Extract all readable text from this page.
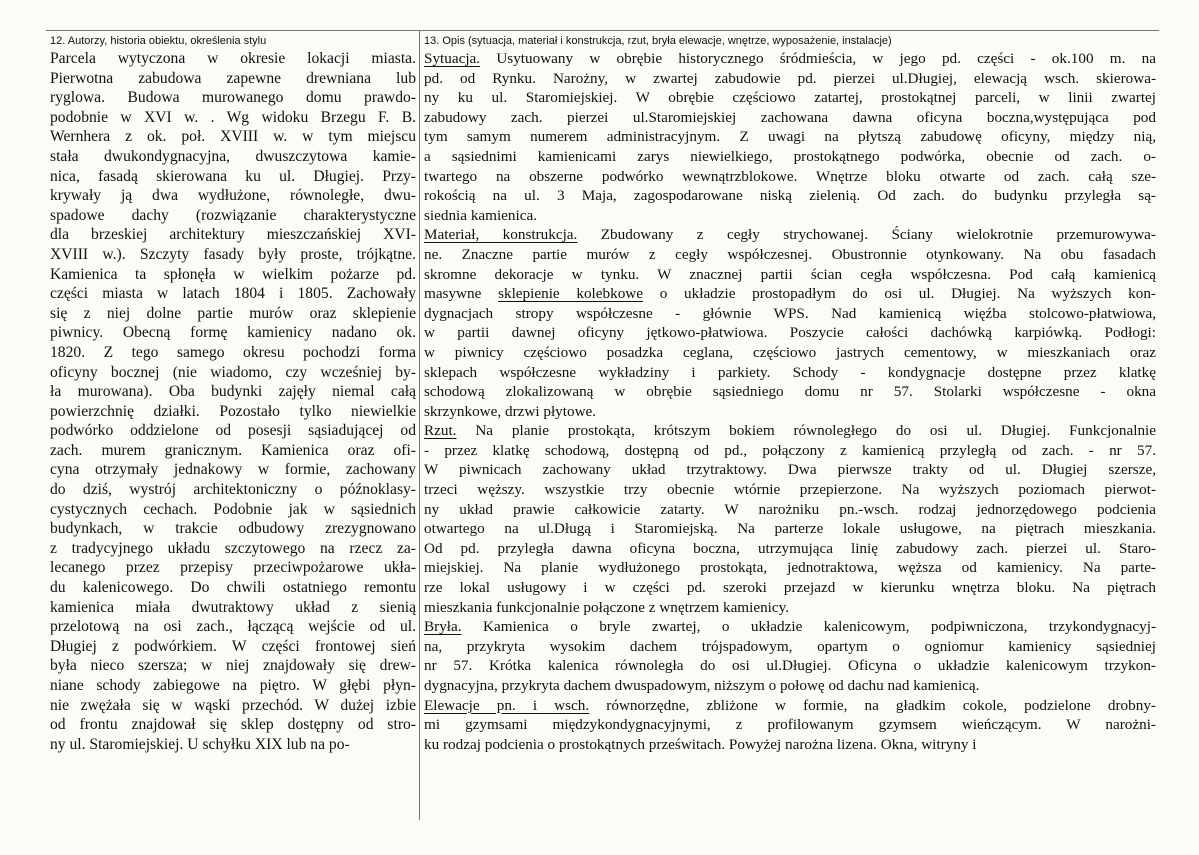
12. Autorzy, historia obiektu, określenia stylu
Parcela wytyczona w okresie lokacji miasta.
Pierwotna zabudowa zapewne drewniana lub
ryglowa. Budowa murowanego domu prawdo-
podobnie w XVI w. . Wg widoku Brzegu F. B.
Wernhera z ok. poł. XVIII w. w tym miejscu
stała dwukondygnacyjna, dwuszczytowa kamie-
nica, fasadą skierowana ku ul. Długiej. Przy-
krywały ją dwa wydłużone, równoległe, dwu-
spadowe dachy (rozwiązanie charakterystyczne
dla brzeskiej architektury mieszczańskiej XVI-
XVIII w.). Szczyty fasady były proste, trójkątne.
Kamienica ta spłonęła w wielkim pożarze pd.
części miasta w latach 1804 i 1805. Zachowały
się z niej dolne partie murów oraz sklepienie
piwnicy. Obecną formę kamienicy nadano ok.
1820. Z tego samego okresu pochodzi forma
oficyny bocznej (nie wiadomo, czy wcześniej by-
ła murowana). Oba budynki zajęły niemal całą
powierzchnię działki. Pozostało tylko niewielkie
podwórko oddzielone od posesji sąsiadującej od
zach. murem granicznym. Kamienica oraz ofi-
cyna otrzymały jednakowy w formie, zachowany
do dziś, wystrój architektoniczny o późnoklasy-
cystycznych cechach. Podobnie jak w sąsiednich
budynkach, w trakcie odbudowy zrezygnowano
z tradycyjnego układu szczytowego na rzecz za-
lecanego przez przepisy przeciwpożarowe ukła-
du kalenicowego. Do chwili ostatniego remontu
kamienica miała dwutraktowy układ z sienią
przelotową na osi zach., łączącą wejście od ul.
Długiej z podwórkiem. W części frontowej sień
była nieco szersza; w niej znajdowały się drew-
niane schody zabiegowe na piętro. W głębi płyn-
nie zwężała się w wąski przechód. W dużej izbie
od frontu znajdował się sklep dostępny od stro-
ny ul. Staromiejskiej. U schyłku XIX lub na po-
13. Opis (sytuacja, materiał i konstrukcja, rzut, bryła elewacje, wnętrze, wyposażenie, instalacje)
Sytuacja. Usytuowany w obrębie historycznego śródmieścia, w jego pd. części - ok.100 m. na
pd. od Rynku. Narożny, w zwartej zabudowie pd. pierzei ul.Długiej, elewacją wsch. skierowa-
ny ku ul. Staromiejskiej. W obrębie częściowo zatartej, prostokątnej parceli, w linii zwartej
zabudowy zach. pierzei ul.Staromiejskiej zachowana dawna oficyna boczna,występująca pod
tym samym numerem administracyjnym. Z uwagi na płytszą zabudowę oficyny, między nią,
a sąsiednimi kamienicami zarys niewielkiego, prostokątnego podwórka, obecnie od zach. o-
twartego na obszerne podwórko wewnątrzblokowe. Wnętrze bloku otwarte od zach. całą sze-
rokością na ul. 3 Maja, zagospodarowane niską zielenią. Od zach. do budynku przyległa są-
siednia kamienica.
Materiał, konstrukcja. Zbudowany z cegły strychowanej. Ściany wielokrotnie przemurowywa-
ne. Znaczne partie murów z cegły współczesnej. Obustronnie otynkowany. Na obu fasadach
skromne dekoracje w tynku. W znacznej partii ścian cegła współczesna. Pod całą kamienicą
masywne sklepienie kolebkowe o układzie prostopadłym do osi ul. Długiej. Na wyższych kon-
dygnacjach stropy współczesne - głównie WPS. Nad kamienicą więźba stolcowo-płatwiowa,
w partii dawnej oficyny jętkowo-płatwiowa. Poszycie całości dachówką karpiówką. Podłogi:
w piwnicy częściowo posadzka ceglana, częściowo jastrych cementowy, w mieszkaniach oraz
sklepach współczesne wykładziny i parkiety. Schody - kondygnacje dostępne przez klatkę
schodową zlokalizowaną w obrębie sąsiedniego domu nr 57. Stolarki współczesne - okna
skrzynkowe, drzwi płytowe.
Rzut. Na planie prostokąta, krótszym bokiem równoległego do osi ul. Długiej. Funkcjonalnie
- przez klatkę schodową, dostępną od pd., połączony z kamienicą przyległą od zach. - nr 57.
W piwnicach zachowany układ trzytraktowy. Dwa pierwsze trakty od ul. Długiej szersze,
trzeci węższy. wszystkie trzy obecnie wtórnie przepierzone. Na wyższych poziomach pierwot-
ny układ prawie całkowicie zatarty. W narożniku pn.-wsch. rodzaj jednorzędowego podcienia
otwartego na ul.Długą i Staromiejską. Na parterze lokale usługowe, na piętrach mieszkania.
Od pd. przyległa dawna oficyna boczna, utrzymująca linię zabudowy zach. pierzei ul. Staro-
miejskiej. Na planie wydłużonego prostokąta, jednotraktowa, węższa od kamienicy. Na parte-
rze lokal usługowy i w części pd. szeroki przejazd w kierunku wnętrza bloku. Na piętrach
mieszkania funkcjonalnie połączone z wnętrzem kamienicy.
Bryła. Kamienica o bryle zwartej, o układzie kalenicowym, podpiwniczona, trzykondygnacyj-
na, przykryta wysokim dachem trójspadowym, opartym o ogniomur kamienicy sąsiedniej
nr 57. Krótka kalenica równoległa do osi ul.Długiej. Oficyna o układzie kalenicowym trzykon-
dygnacyjna, przykryta dachem dwuspadowym, niższym o połowę od dachu nad kamienicą.
Elewacje pn. i wsch. równorzędne, zbliżone w formie, na gładkim cokole, podzielone drobny-
mi gzymsami międzykondygnacyjnymi, z profilowanym gzymsem wieńczącym. W narożni-
ku rodzaj podcienia o prostokątnych prześwitach. Powyżej narożna lizena. Okna, witryny i
